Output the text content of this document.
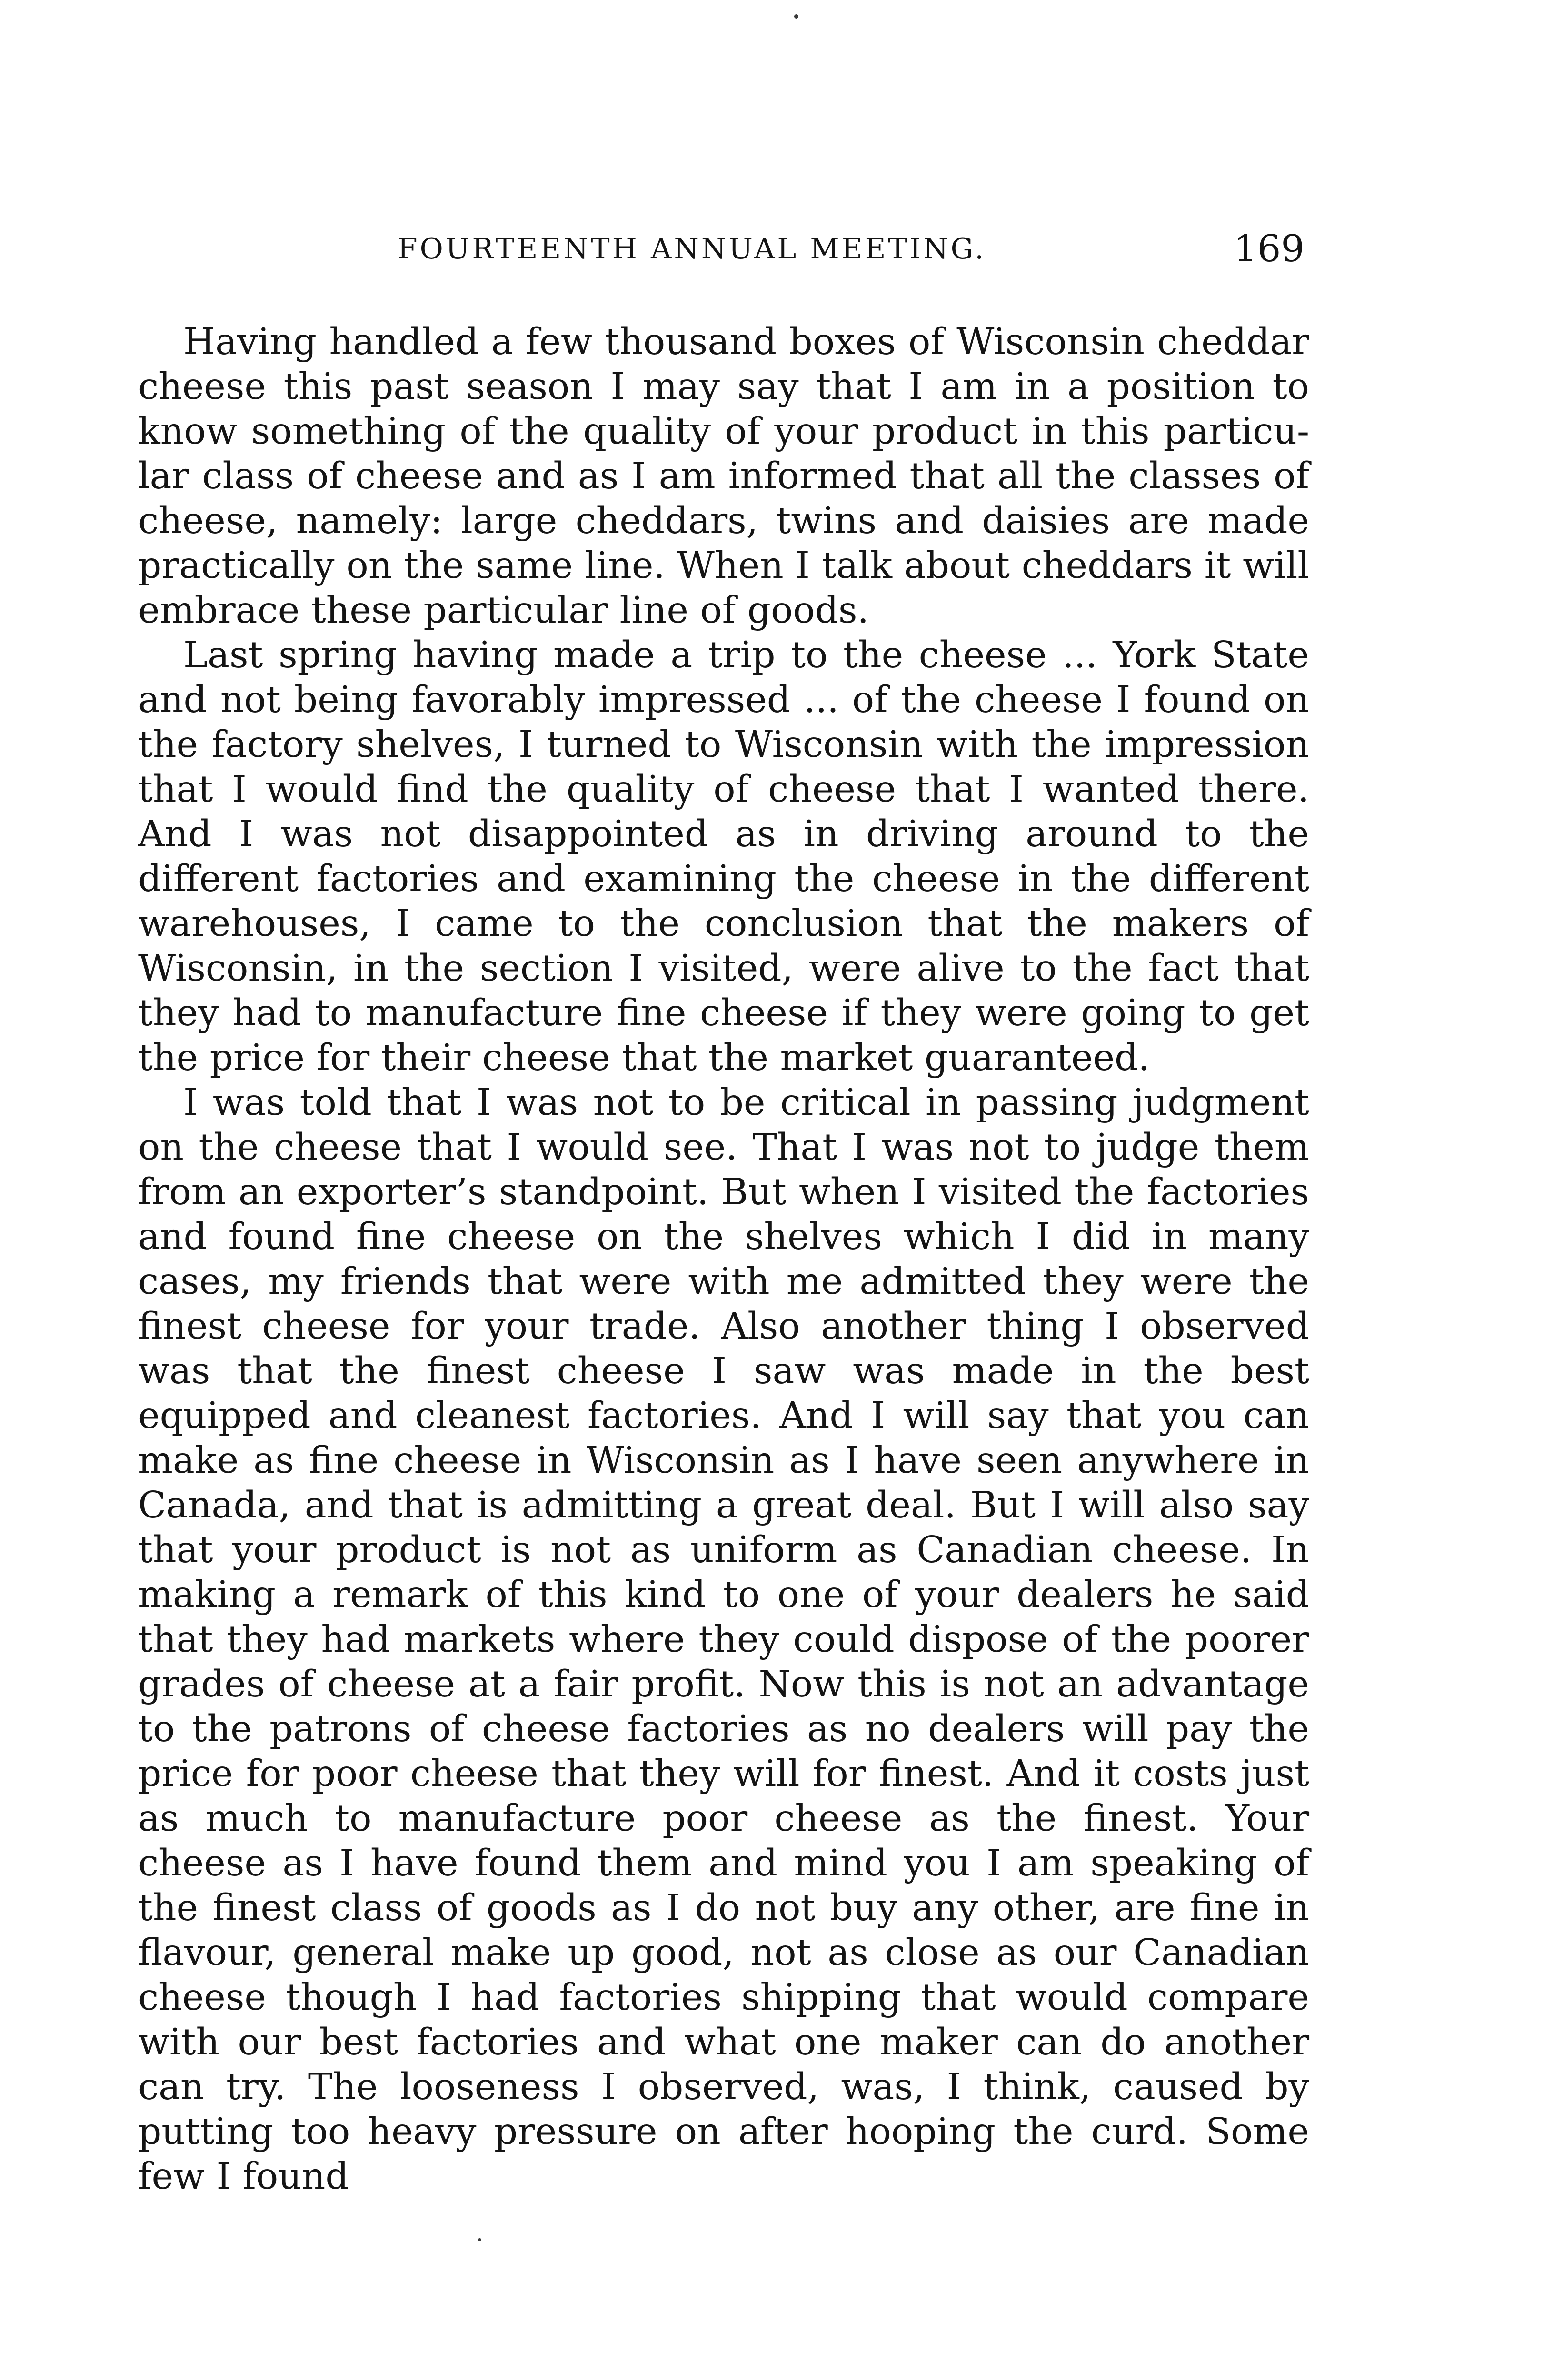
FOURTEENTH ANNUAL MEETING.	169

Having handled a few thousand boxes of Wisconsin cheddar cheese this past season I may say that I am in a position to know something of the quality of your product in this particular class of cheese and as I am informed that all the classes of cheese, namely: large cheddars, twins and daisies are made practically on the same line. When I talk about cheddars it will embrace these particular line of goods.

Last spring having made a trip to the cheese ... York State and not being favorably impressed ... of the cheese I found on the factory shelves, I turned to Wisconsin with the impression that I would find the quality of cheese that I wanted there. And I was not disappointed as in driving around to the different factories and examining the cheese in the different warehouses, I came to the conclusion that the makers of Wisconsin, in the section I visited, were alive to the fact that they had to manufacture fine cheese if they were going to get the price for their cheese that the market guaranteed.

I was told that I was not to be critical in passing judgment on the cheese that I would see. That I was not to judge them from an exporter’s standpoint. But when I visited the factories and found fine cheese on the shelves which I did in many cases, my friends that were with me admitted they were the finest cheese for your trade. Also another thing I observed was that the finest cheese I saw was made in the best equipped and cleanest factories. And I will say that you can make as fine cheese in Wisconsin as I have seen anywhere in Canada, and that is admitting a great deal. But I will also say that your product is not as uniform as Canadian cheese. In making a remark of this kind to one of your dealers he said that they had markets where they could dispose of the poorer grades of cheese at a fair profit. Now this is not an advantage to the patrons of cheese factories as no dealers will pay the price for poor cheese that they will for finest. And it costs just as much to manufacture poor cheese as the finest. Your cheese as I have found them and mind you I am speaking of the finest class of goods as I do not buy any other, are fine in flavour, general make up good, not as close as our Canadian cheese though I had factories shipping that would compare with our best factories and what one maker can do another can try. The looseness I observed, was, I think, caused by putting too heavy pressure on after hooping the curd. Some few I found
